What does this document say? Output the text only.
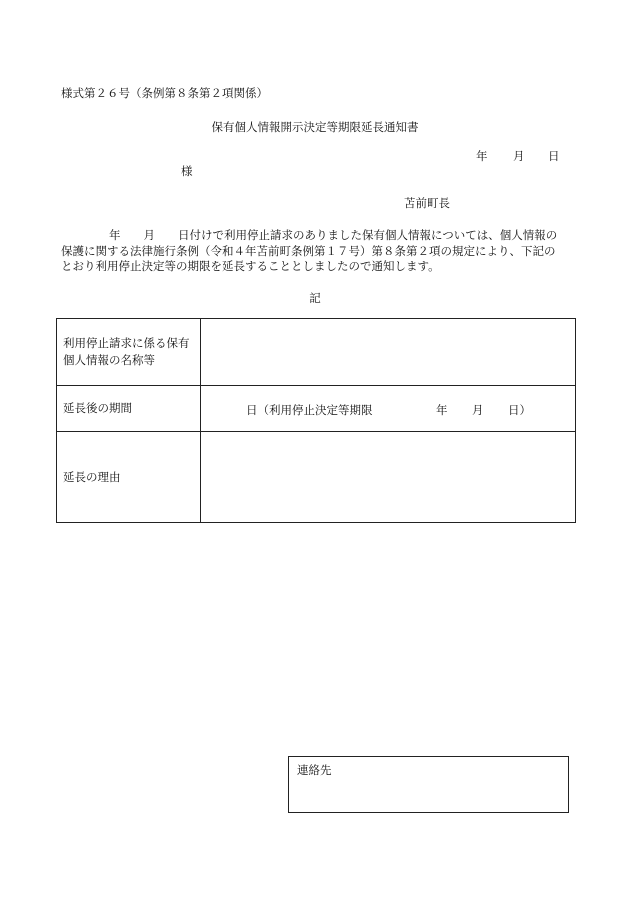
様式第２６号（条例第８条第２項関係）
保有個人情報開示決定等期限延長通知書
年 月 日
様
苫前町長
年　　月　　日付けで利用停止請求のありました保有個人情報については、個人情報の
保護に関する法律施行条例（令和４年苫前町条例第１７号）第８条第２項の規定により、下記の
とおり利用停止決定等の期限を延長することとしましたので通知します。
記
利用停止請求に係る保有
個人情報の名称等	
延長後の期間	日（利用停止決定等期限 年 月 日）

延長の理由	
連絡先
